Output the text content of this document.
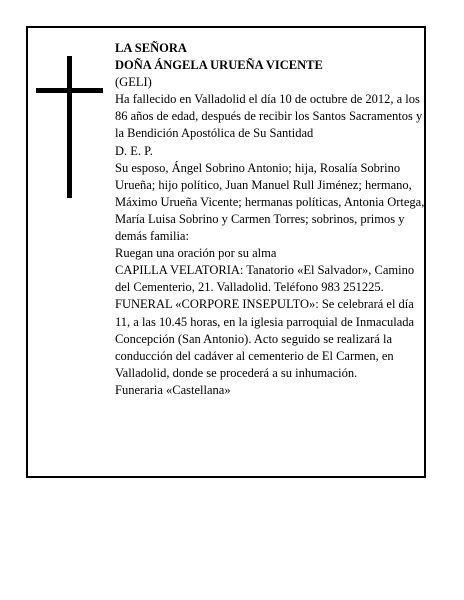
LA SEÑORA

DOÑA ÁNGELA URUEÑA VICENTE

(GELI)

Ha fallecido en Valladolid el día 10 de octubre de 2012, a los 86 años de edad, después de recibir los Santos Sacramentos y la Bendición Apostólica de Su Santidad

D. E. P.

Su esposo, Ángel Sobrino Antonio; hija, Rosalía Sobrino Urueña; hijo político, Juan Manuel Rull Jiménez; hermano, Máximo Urueña Vicente; hermanas políticas, Antonia Ortega, María Luisa Sobrino y Carmen Torres; sobrinos, primos y demás familia:

Ruegan una oración por su alma

CAPILLA VELATORIA: Tanatorio «El Salvador», Camino del Cementerio, 21. Valladolid. Teléfono 983 251225.

FUNERAL «CORPORE INSEPULTO»: Se celebrará el día 11, a las 10.45 horas, en la iglesia parroquial de Inmaculada Concepción (San Antonio). Acto seguido se realizará la conducción del cadáver al cementerio de El Carmen, en Valladolid, donde se procederá a su inhumación.

Funeraria «Castellana»
